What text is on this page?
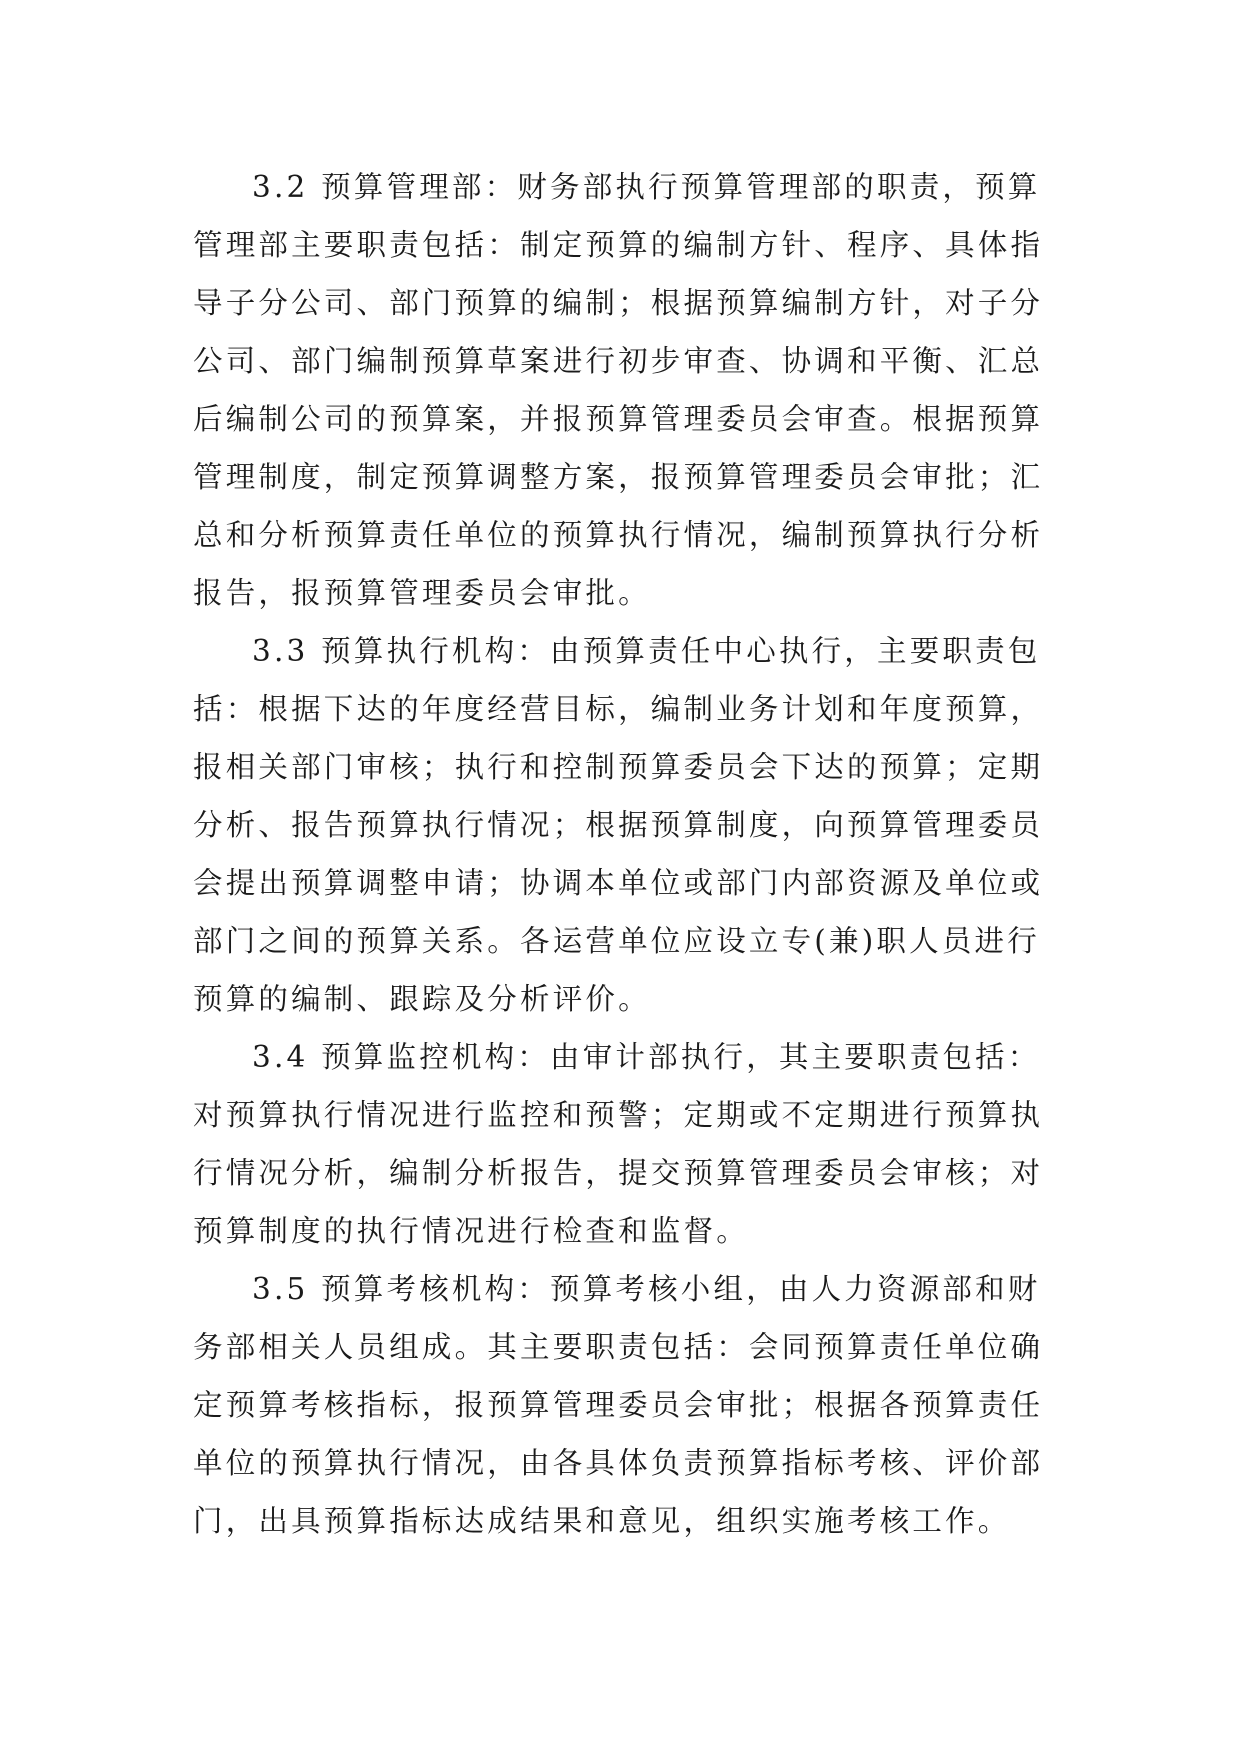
3.2 预算管理部：财务部执行预算管理部的职责，预算
管理部主要职责包括：制定预算的编制方针、程序、具体指
导子分公司、部门预算的编制；根据预算编制方针，对子分
公司、部门编制预算草案进行初步审查、协调和平衡、汇总
后编制公司的预算案，并报预算管理委员会审查。根据预算
管理制度，制定预算调整方案，报预算管理委员会审批；汇
总和分析预算责任单位的预算执行情况，编制预算执行分析
报告，报预算管理委员会审批。

3.3 预算执行机构：由预算责任中心执行，主要职责包
括：根据下达的年度经营目标，编制业务计划和年度预算，
报相关部门审核；执行和控制预算委员会下达的预算；定期
分析、报告预算执行情况；根据预算制度，向预算管理委员
会提出预算调整申请；协调本单位或部门内部资源及单位或
部门之间的预算关系。各运营单位应设立专(兼)职人员进行
预算的编制、跟踪及分析评价。

3.4 预算监控机构：由审计部执行，其主要职责包括：
对预算执行情况进行监控和预警；定期或不定期进行预算执
行情况分析，编制分析报告，提交预算管理委员会审核；对
预算制度的执行情况进行检查和监督。

3.5 预算考核机构：预算考核小组，由人力资源部和财
务部相关人员组成。其主要职责包括：会同预算责任单位确
定预算考核指标，报预算管理委员会审批；根据各预算责任
单位的预算执行情况，由各具体负责预算指标考核、评价部
门，出具预算指标达成结果和意见，组织实施考核工作。
